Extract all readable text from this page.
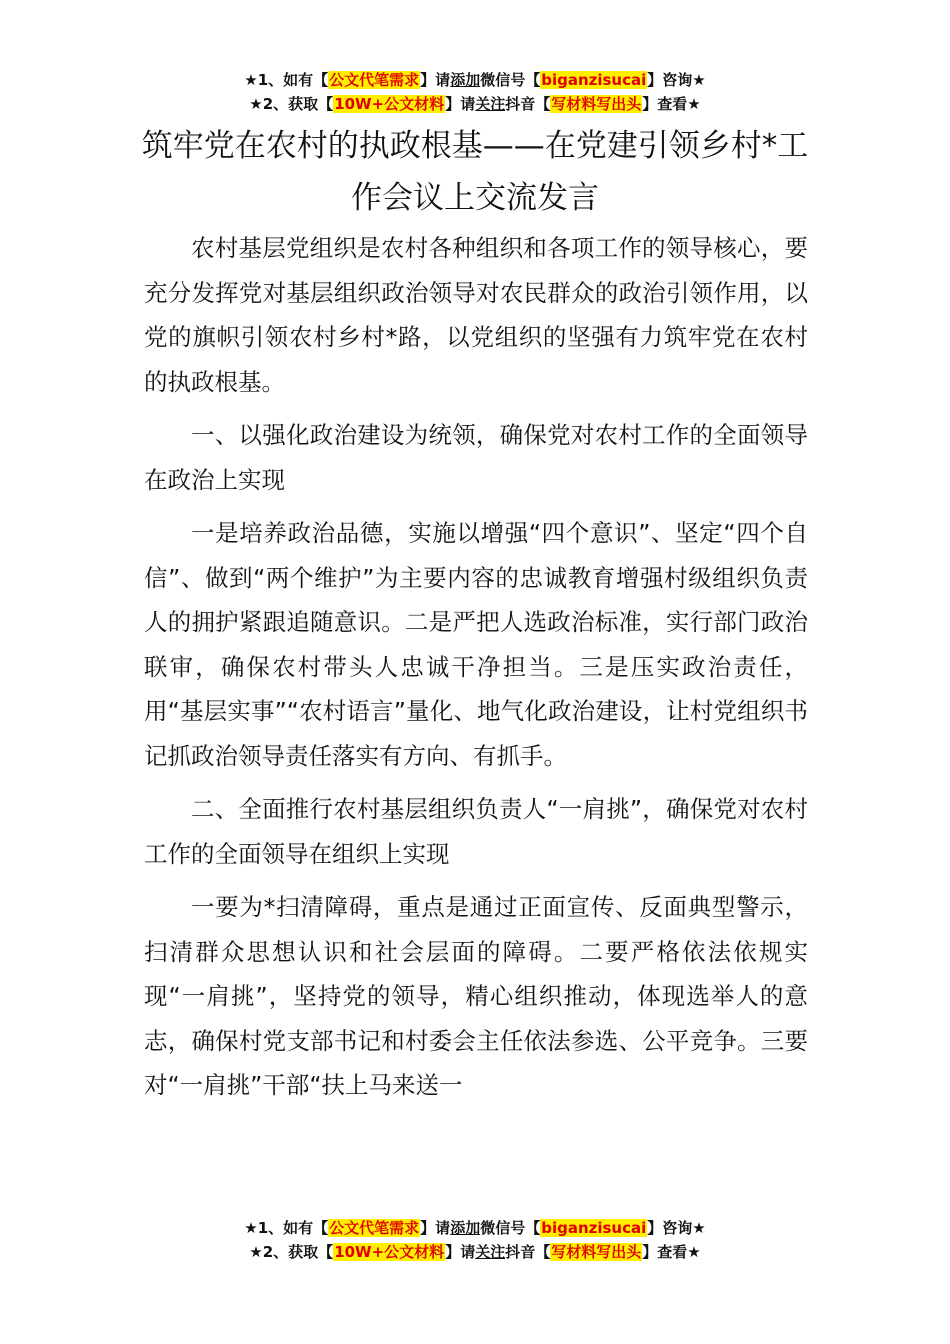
★1、如有【公文代笔需求】请添加微信号【biganzisucai】咨询★
★2、获取【10W+公文材料】请关注抖音【写材料写出头】查看★
筑牢党在农村的执政根基——在党建引领乡村*工作会议上交流发言

农村基层党组织是农村各种组织和各项工作的领导核心，要充分发挥党对基层组织政治领导对农民群众的政治引领作用，以党的旗帜引领农村乡村*路，以党组织的坚强有力筑牢党在农村的执政根基。

一、以强化政治建设为统领，确保党对农村工作的全面领导在政治上实现

一是培养政治品德，实施以增强“四个意识”、坚定“四个自信”、做到“两个维护”为主要内容的忠诚教育增强村级组织负责人的拥护紧跟追随意识。二是严把人选政治标准，实行部门政治联审，确保农村带头人忠诚干净担当。三是压实政治责任，用“基层实事”“农村语言”量化、地气化政治建设，让村党组织书记抓政治领导责任落实有方向、有抓手。

二、全面推行农村基层组织负责人“一肩挑”，确保党对农村工作的全面领导在组织上实现

一要为*扫清障碍，重点是通过正面宣传、反面典型警示，扫清群众思想认识和社会层面的障碍。二要严格依法依规实现“一肩挑”，坚持党的领导，精心组织推动，体现选举人的意志，确保村党支部书记和村委会主任依法参选、公平竞争。三要对“一肩挑”干部“扶上马来送一

★1、如有【公文代笔需求】请添加微信号【biganzisucai】咨询★
★2、获取【10W+公文材料】请关注抖音【写材料写出头】查看★
